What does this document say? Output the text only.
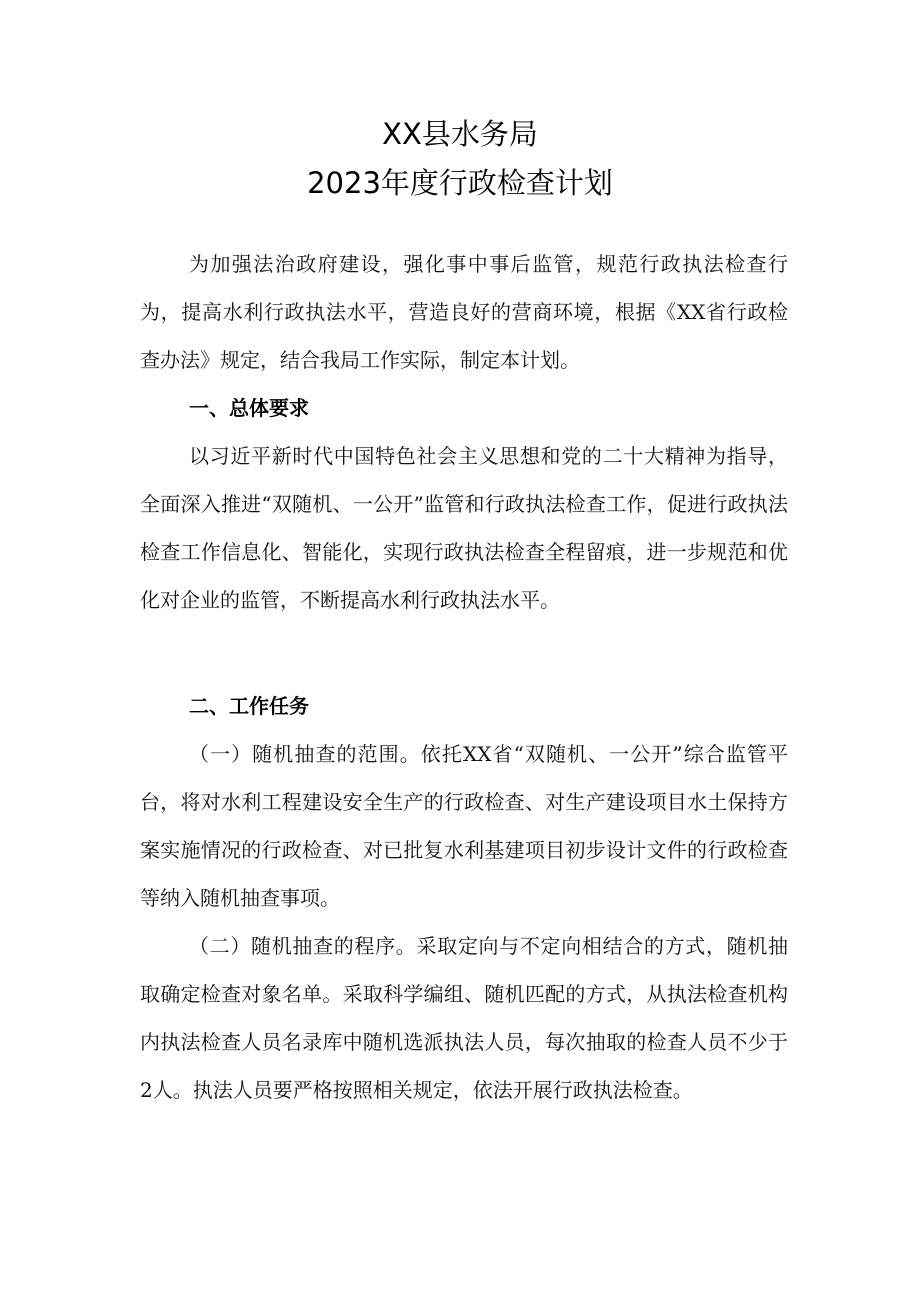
XX县水务局
2023年度行政检查计划

为加强法治政府建设，强化事中事后监管，规范行政执法检查行为，提高水利行政执法水平，营造良好的营商环境，根据《XX省行政检查办法》规定，结合我局工作实际，制定本计划。

一、总体要求

以习近平新时代中国特色社会主义思想和党的二十大精神为指导，全面深入推进“双随机、一公开”监管和行政执法检查工作，促进行政执法检查工作信息化、智能化，实现行政执法检查全程留痕，进一步规范和优化对企业的监管，不断提高水利行政执法水平。

二、工作任务

（一）随机抽查的范围。依托XX省“双随机、一公开”综合监管平台，将对水利工程建设安全生产的行政检查、对生产建设项目水土保持方案实施情况的行政检查、对已批复水利基建项目初步设计文件的行政检查等纳入随机抽查事项。

（二）随机抽查的程序。采取定向与不定向相结合的方式，随机抽取确定检查对象名单。采取科学编组、随机匹配的方式，从执法检查机构内执法检查人员名录库中随机选派执法人员，每次抽取的检查人员不少于2人。执法人员要严格按照相关规定，依法开展行政执法检查。
